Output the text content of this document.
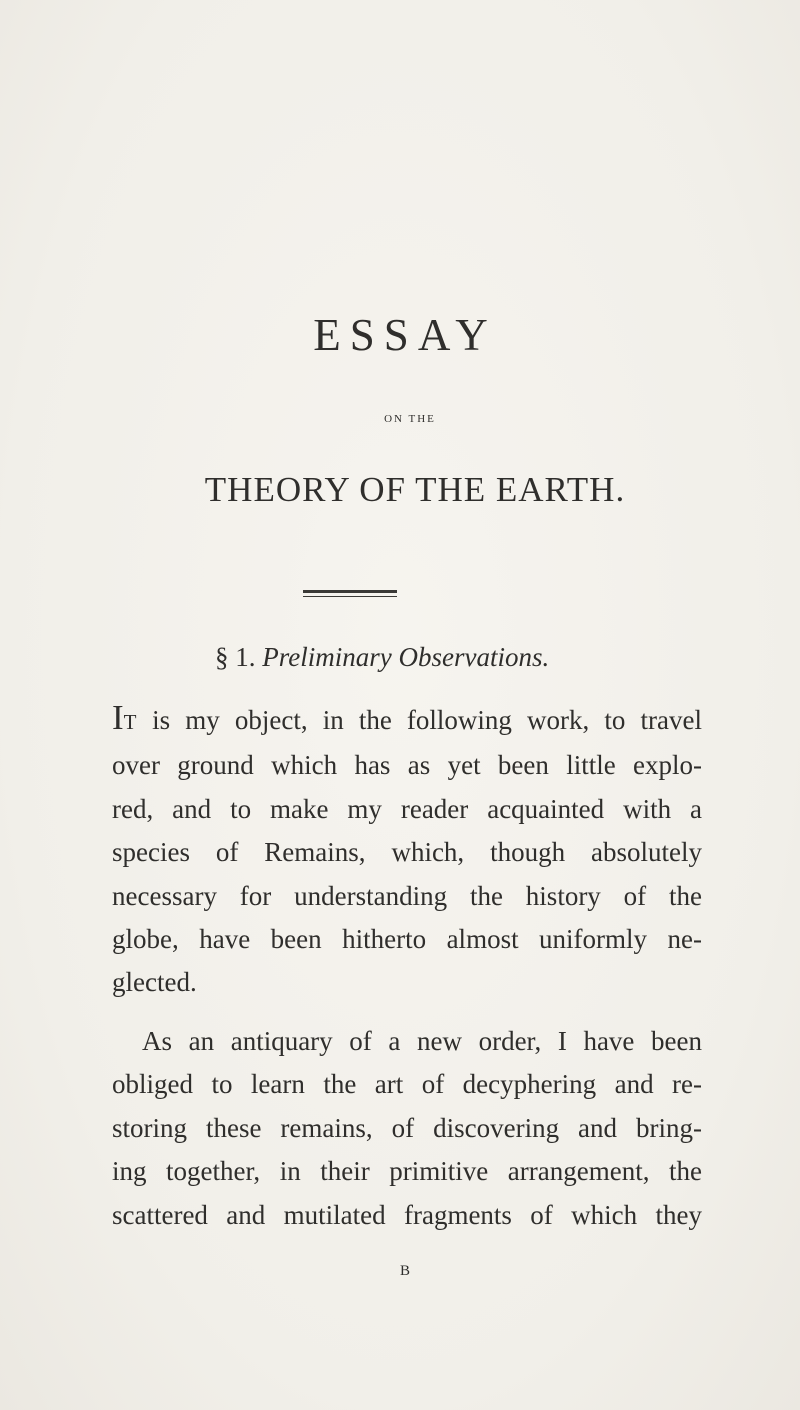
ESSAY
ON THE
THEORY OF THE EARTH.
§ 1. Preliminary Observations.
IT is my object, in the following work, to travel
over ground which has as yet been little explo-
red, and to make my reader acquainted with a
species of Remains, which, though absolutely
necessary for understanding the history of the
globe, have been hitherto almost uniformly ne-
glected.
As an antiquary of a new order, I have been
obliged to learn the art of decyphering and re-
storing these remains, of discovering and bring-
ing together, in their primitive arrangement, the
scattered and mutilated fragments of which they
B
